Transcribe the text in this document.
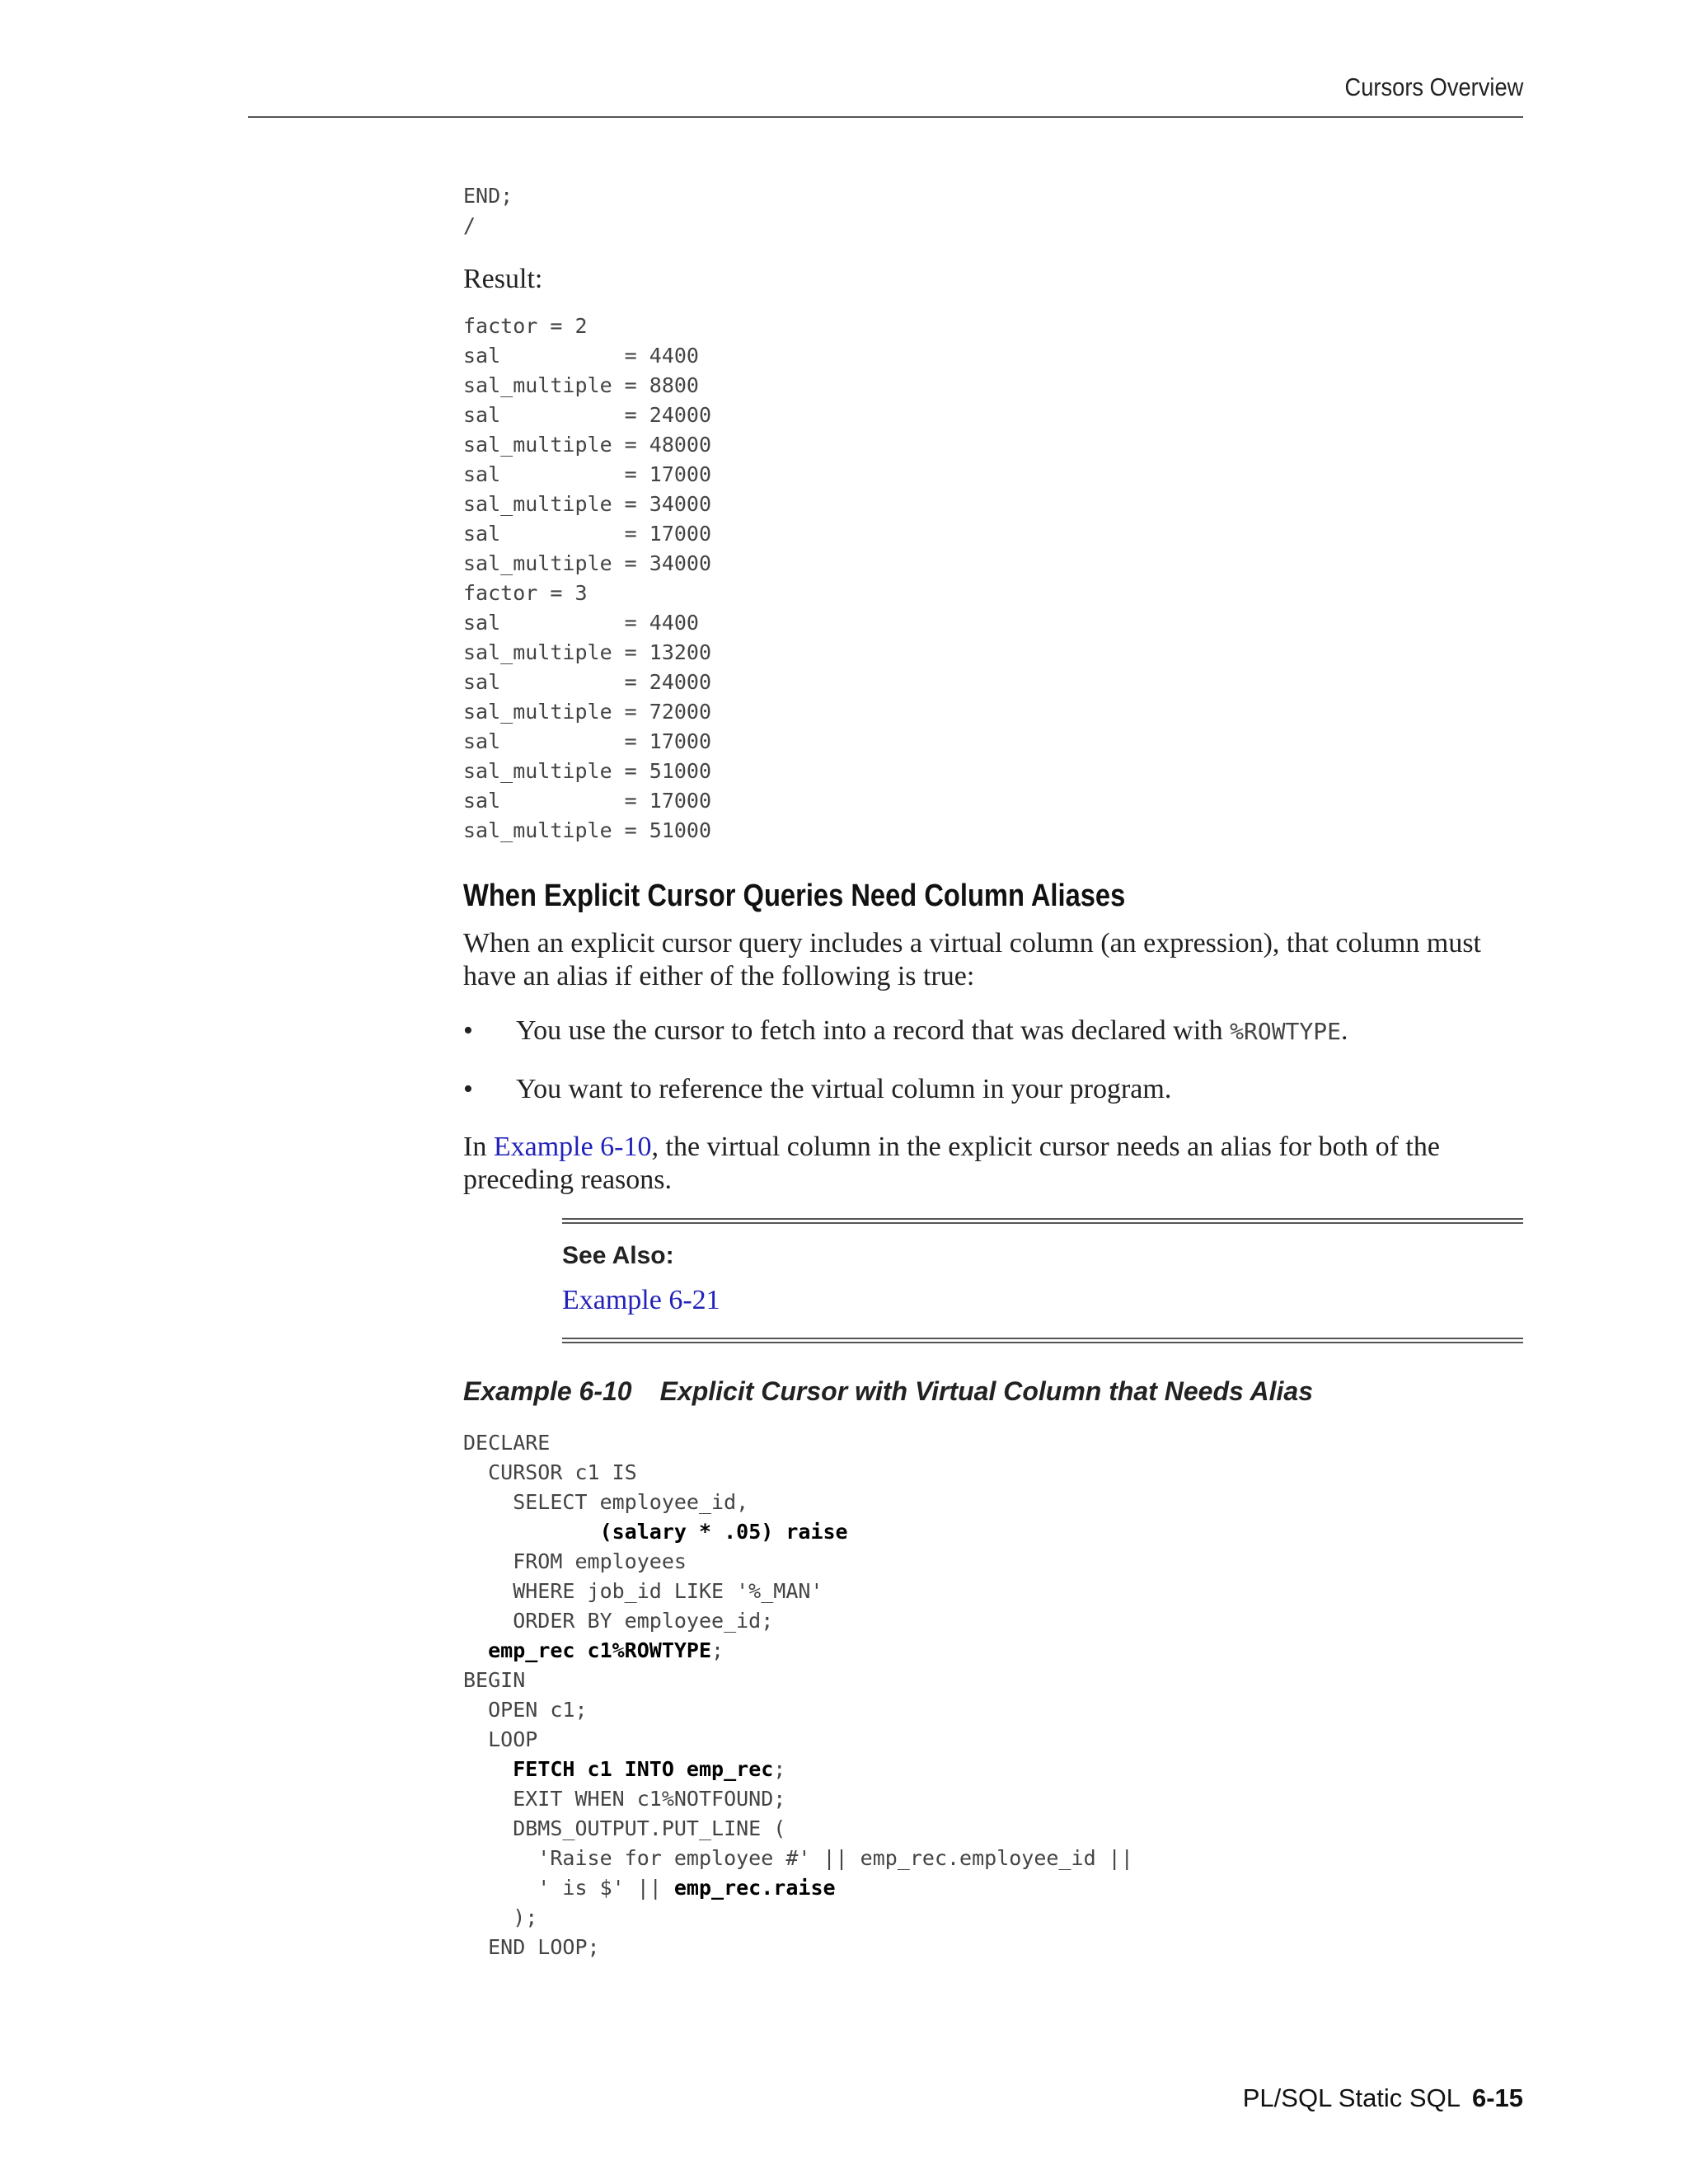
Cursors Overview
END;
/
Result:
factor = 2
sal          = 4400
sal_multiple = 8800
sal          = 24000
sal_multiple = 48000
sal          = 17000
sal_multiple = 34000
sal          = 17000
sal_multiple = 34000
factor = 3
sal          = 4400
sal_multiple = 13200
sal          = 24000
sal_multiple = 72000
sal          = 17000
sal_multiple = 51000
sal          = 17000
sal_multiple = 51000
When Explicit Cursor Queries Need Column Aliases

When an explicit cursor query includes a virtual column (an expression), that column must have an alias if either of the following is true:

• You use the cursor to fetch into a record that was declared with %ROWTYPE.
• You want to reference the virtual column in your program.

In Example 6-10, the virtual column in the explicit cursor needs an alias for both of the preceding reasons.

See Also:
Example 6-21
Example 6-10 Explicit Cursor with Virtual Column that Needs Alias
DECLARE
CURSOR c1 IS
SELECT employee_id,
(salary * .05) raise
FROM employees
WHERE job_id LIKE '%_MAN'
ORDER BY employee_id;
emp_rec c1%ROWTYPE;
BEGIN
OPEN c1;
LOOP
FETCH c1 INTO emp_rec;
EXIT WHEN c1%NOTFOUND;
DBMS_OUTPUT.PUT_LINE (
'Raise for employee #' || emp_rec.employee_id ||
' is $' || emp_rec.raise
);
END LOOP;
PL/SQL Static SQL 6-15
